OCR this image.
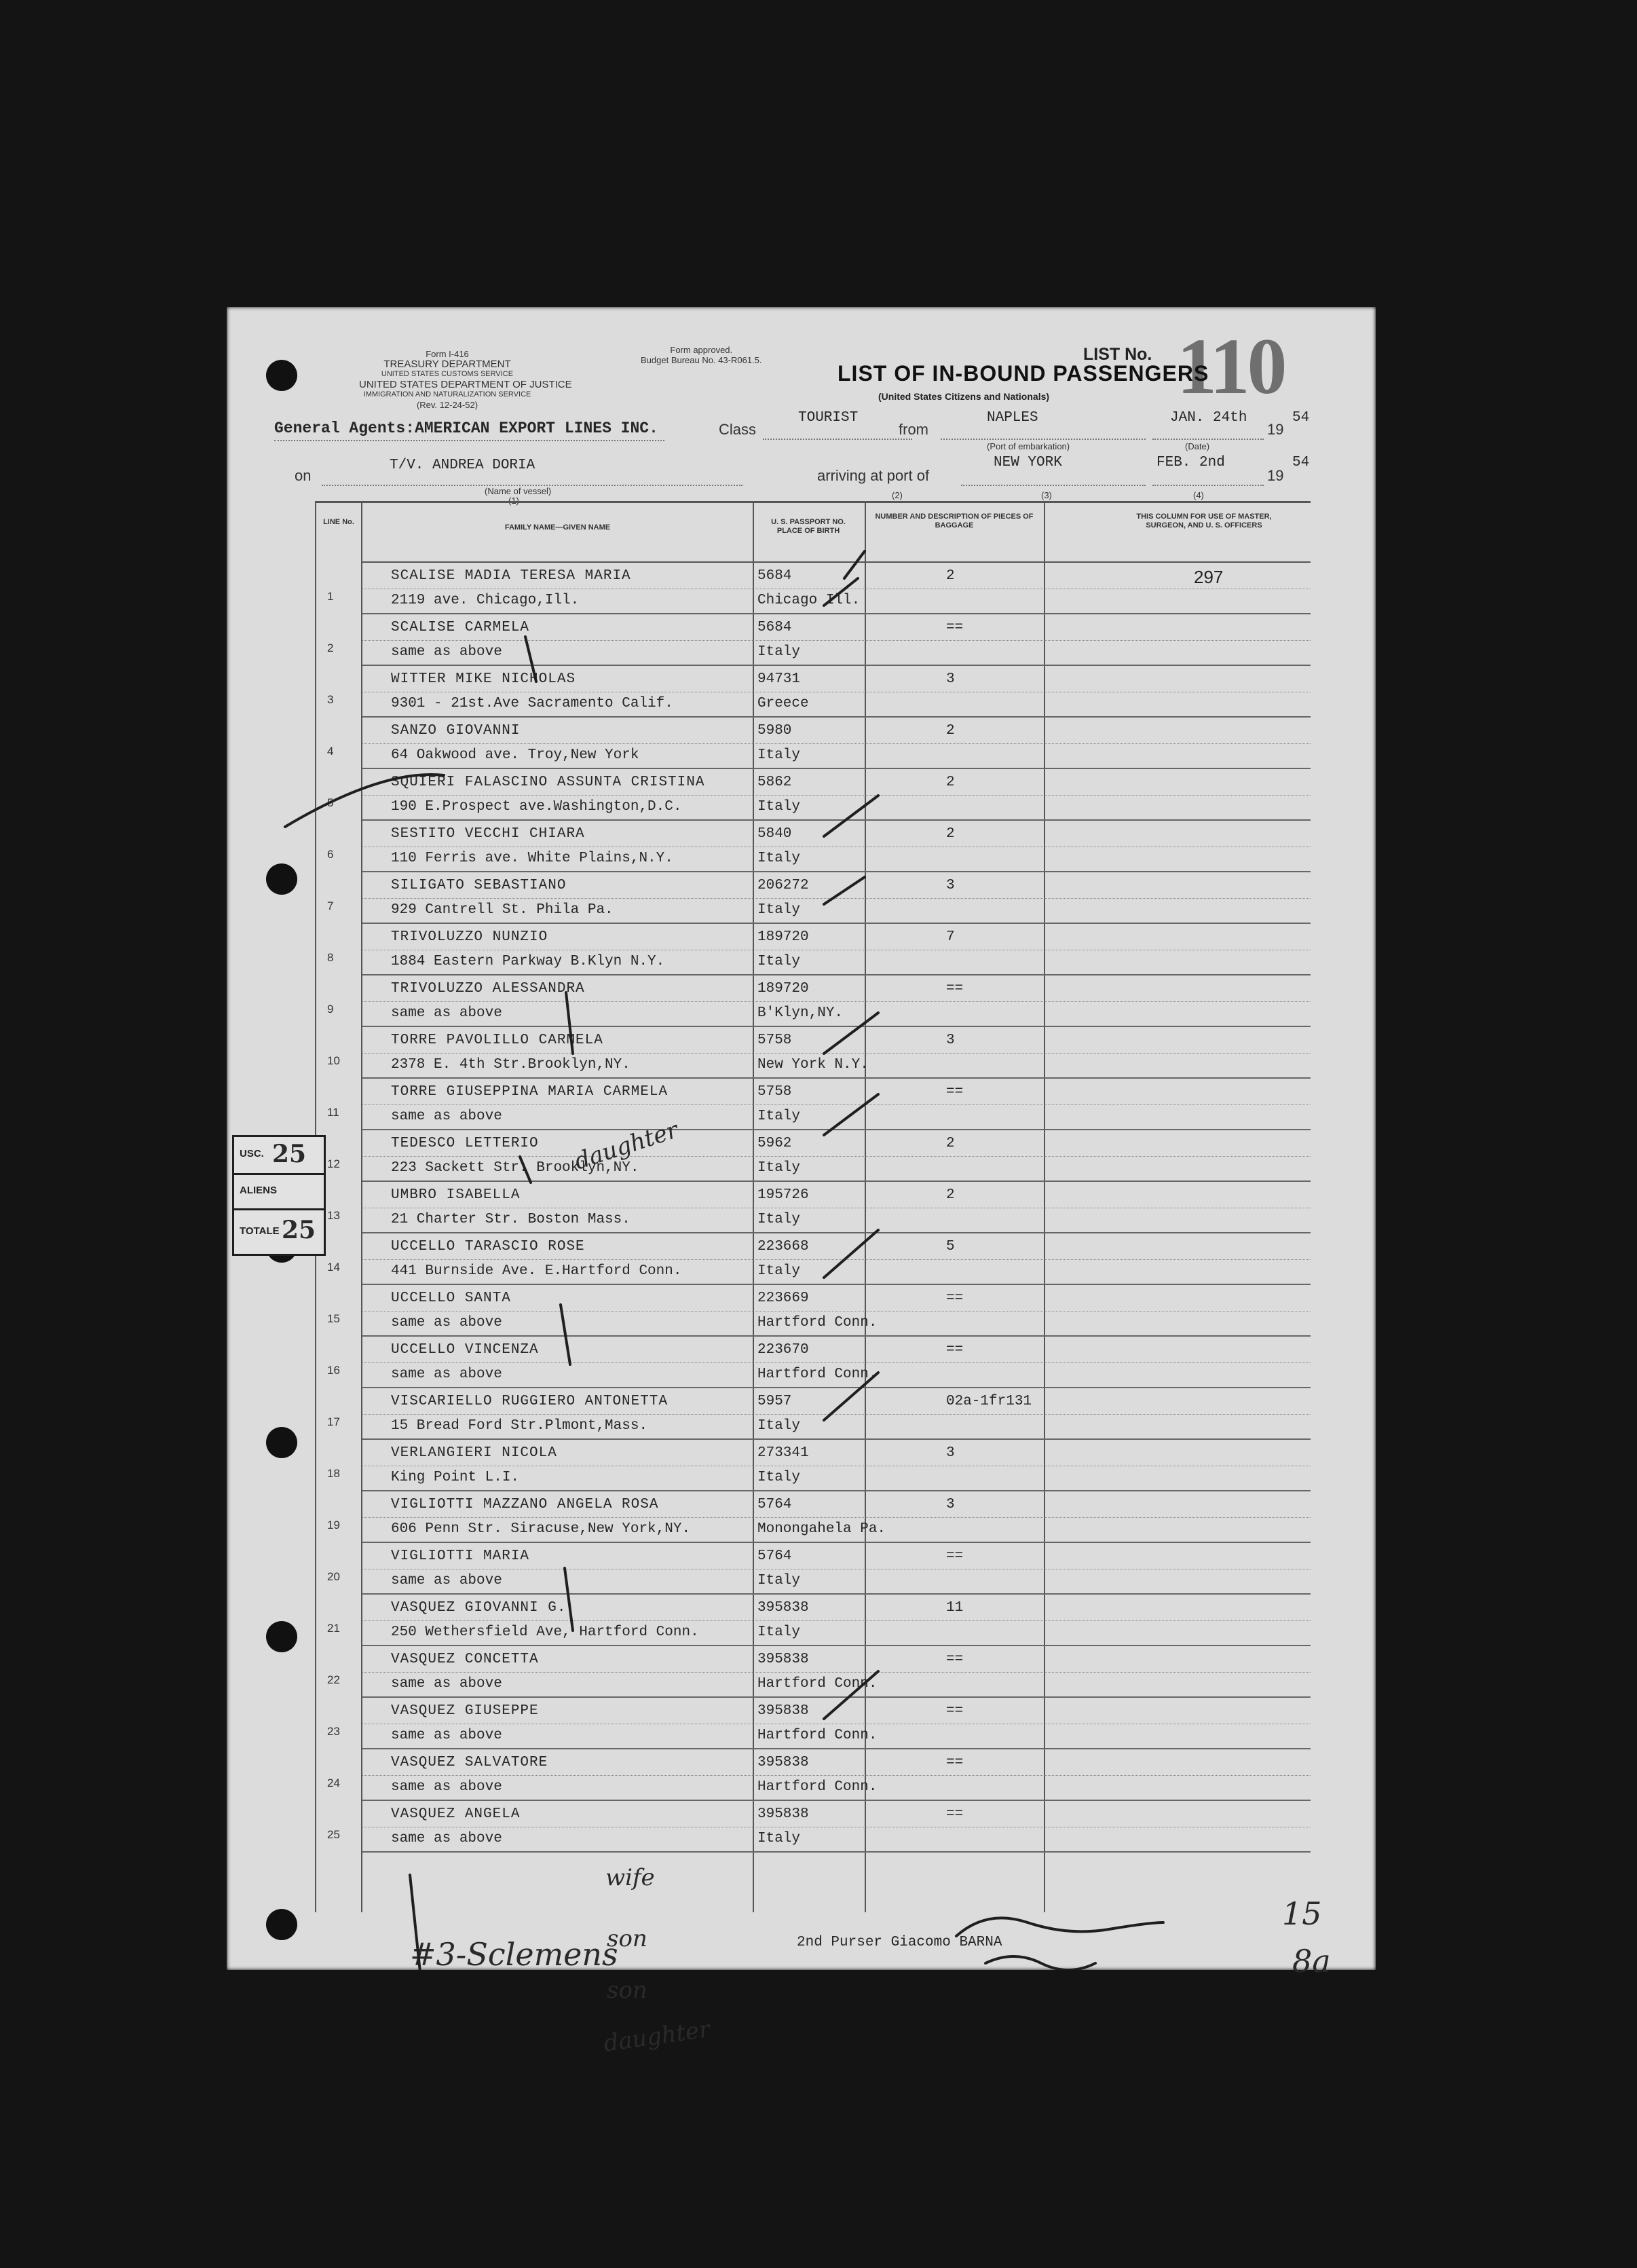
Form I-416
TREASURY DEPARTMENT
UNITED STATES CUSTOMS SERVICE
UNITED STATES DEPARTMENT OF JUSTICE
IMMIGRATION AND NATURALIZATION SERVICE
(Rev. 12-24-52)
Form approved.
Budget Bureau No. 43-R061.5.	LIST No. 110
LIST OF IN-BOUND PASSENGERS
(United States Citizens and Nationals)
General Agents:AMERICAN EXPORT LINES INC.	Class
TOURIST
from
NAPLES
(Port of embarkation)
JAN. 24th
(Date)
19
54
on
T/V. ANDREA DORIA
(Name of vessel)
(1)
arriving at port of
NEW YORK
(2)	(3)
FEB. 2nd
(4)
19
54
LINE No.
FAMILY NAME—GIVEN NAME
U. S. PASSPORT NO. PLACE OF BIRTH
NUMBER AND DESCRIPTION OF PIECES OF BAGGAGE
THIS COLUMN FOR USE OF MASTER, SURGEON, AND U. S. OFFICERS
1
SCALISE MADIA TERESA MARIA
2119 ave. Chicago,Ill.
5684
Chicago Ill.
2	297
2
SCALISE CARMELA
same as above
5684
Italy
==
3
WITTER MIKE NICHOLAS
9301 - 21st.Ave Sacramento Calif.
94731
Greece
3
4
SANZO GIOVANNI
64 Oakwood ave. Troy,New York
5980
Italy
2
5
SQUIERI FALASCINO ASSUNTA CRISTINA
190 E.Prospect ave.Washington,D.C.
5862
Italy
2
6
SESTITO VECCHI CHIARA
110 Ferris ave. White Plains,N.Y.
5840
Italy
2
7
SILIGATO SEBASTIANO
929 Cantrell St. Phila Pa.
206272
Italy
3
8
TRIVOLUZZO NUNZIO
1884 Eastern Parkway B.Klyn N.Y.
189720
Italy
7
9
TRIVOLUZZO ALESSANDRA
same as above
189720
B'Klyn,NY.
==
10
TORRE PAVOLILLO CARMELA
2378 E. 4th Str.Brooklyn,NY.
5758
New York N.Y.
3
11
TORRE GIUSEPPINA MARIA CARMELA
same as above
5758
Italy
==
12
TEDESCO LETTERIO
223 Sackett Str. Brooklyn,NY.
5962
Italy
2
13
UMBRO ISABELLA
21 Charter Str. Boston Mass.
195726
Italy
2
14
UCCELLO TARASCIO ROSE
441 Burnside Ave. E.Hartford Conn.
223668
Italy
5
15
UCCELLO SANTA
same as above
223669
Hartford Conn.
==
16
UCCELLO VINCENZA
same as above
223670
Hartford Conn.
==
17
VISCARIELLO RUGGIERO ANTONETTA
15 Bread Ford Str.Plmont,Mass.
5957
Italy
02a-1fr131
18
VERLANGIERI NICOLA
King Point L.I.
273341
Italy
3
19
VIGLIOTTI MAZZANO ANGELA ROSA
606 Penn Str. Siracuse,New York,NY.
5764
Monongahela Pa.
3
20
VIGLIOTTI MARIA
same as above
5764
Italy
==
21
VASQUEZ GIOVANNI G.
250 Wethersfield Ave, Hartford Conn.
395838
Italy
11
22
VASQUEZ CONCETTA
same as above
395838
Hartford Conn.
==
23
VASQUEZ GIUSEPPE
same as above
395838
Hartford Conn.
==
24
VASQUEZ SALVATORE
same as above
395838
Hartford Conn.
==
25
VASQUEZ ANGELA
same as above
395838
Italy
==
USC. 25
ALIENS
TOTALE 25
daughter
wife
son
son
daughter
#3-Sclemens
15
8a
2nd Purser Giacomo BARNA
